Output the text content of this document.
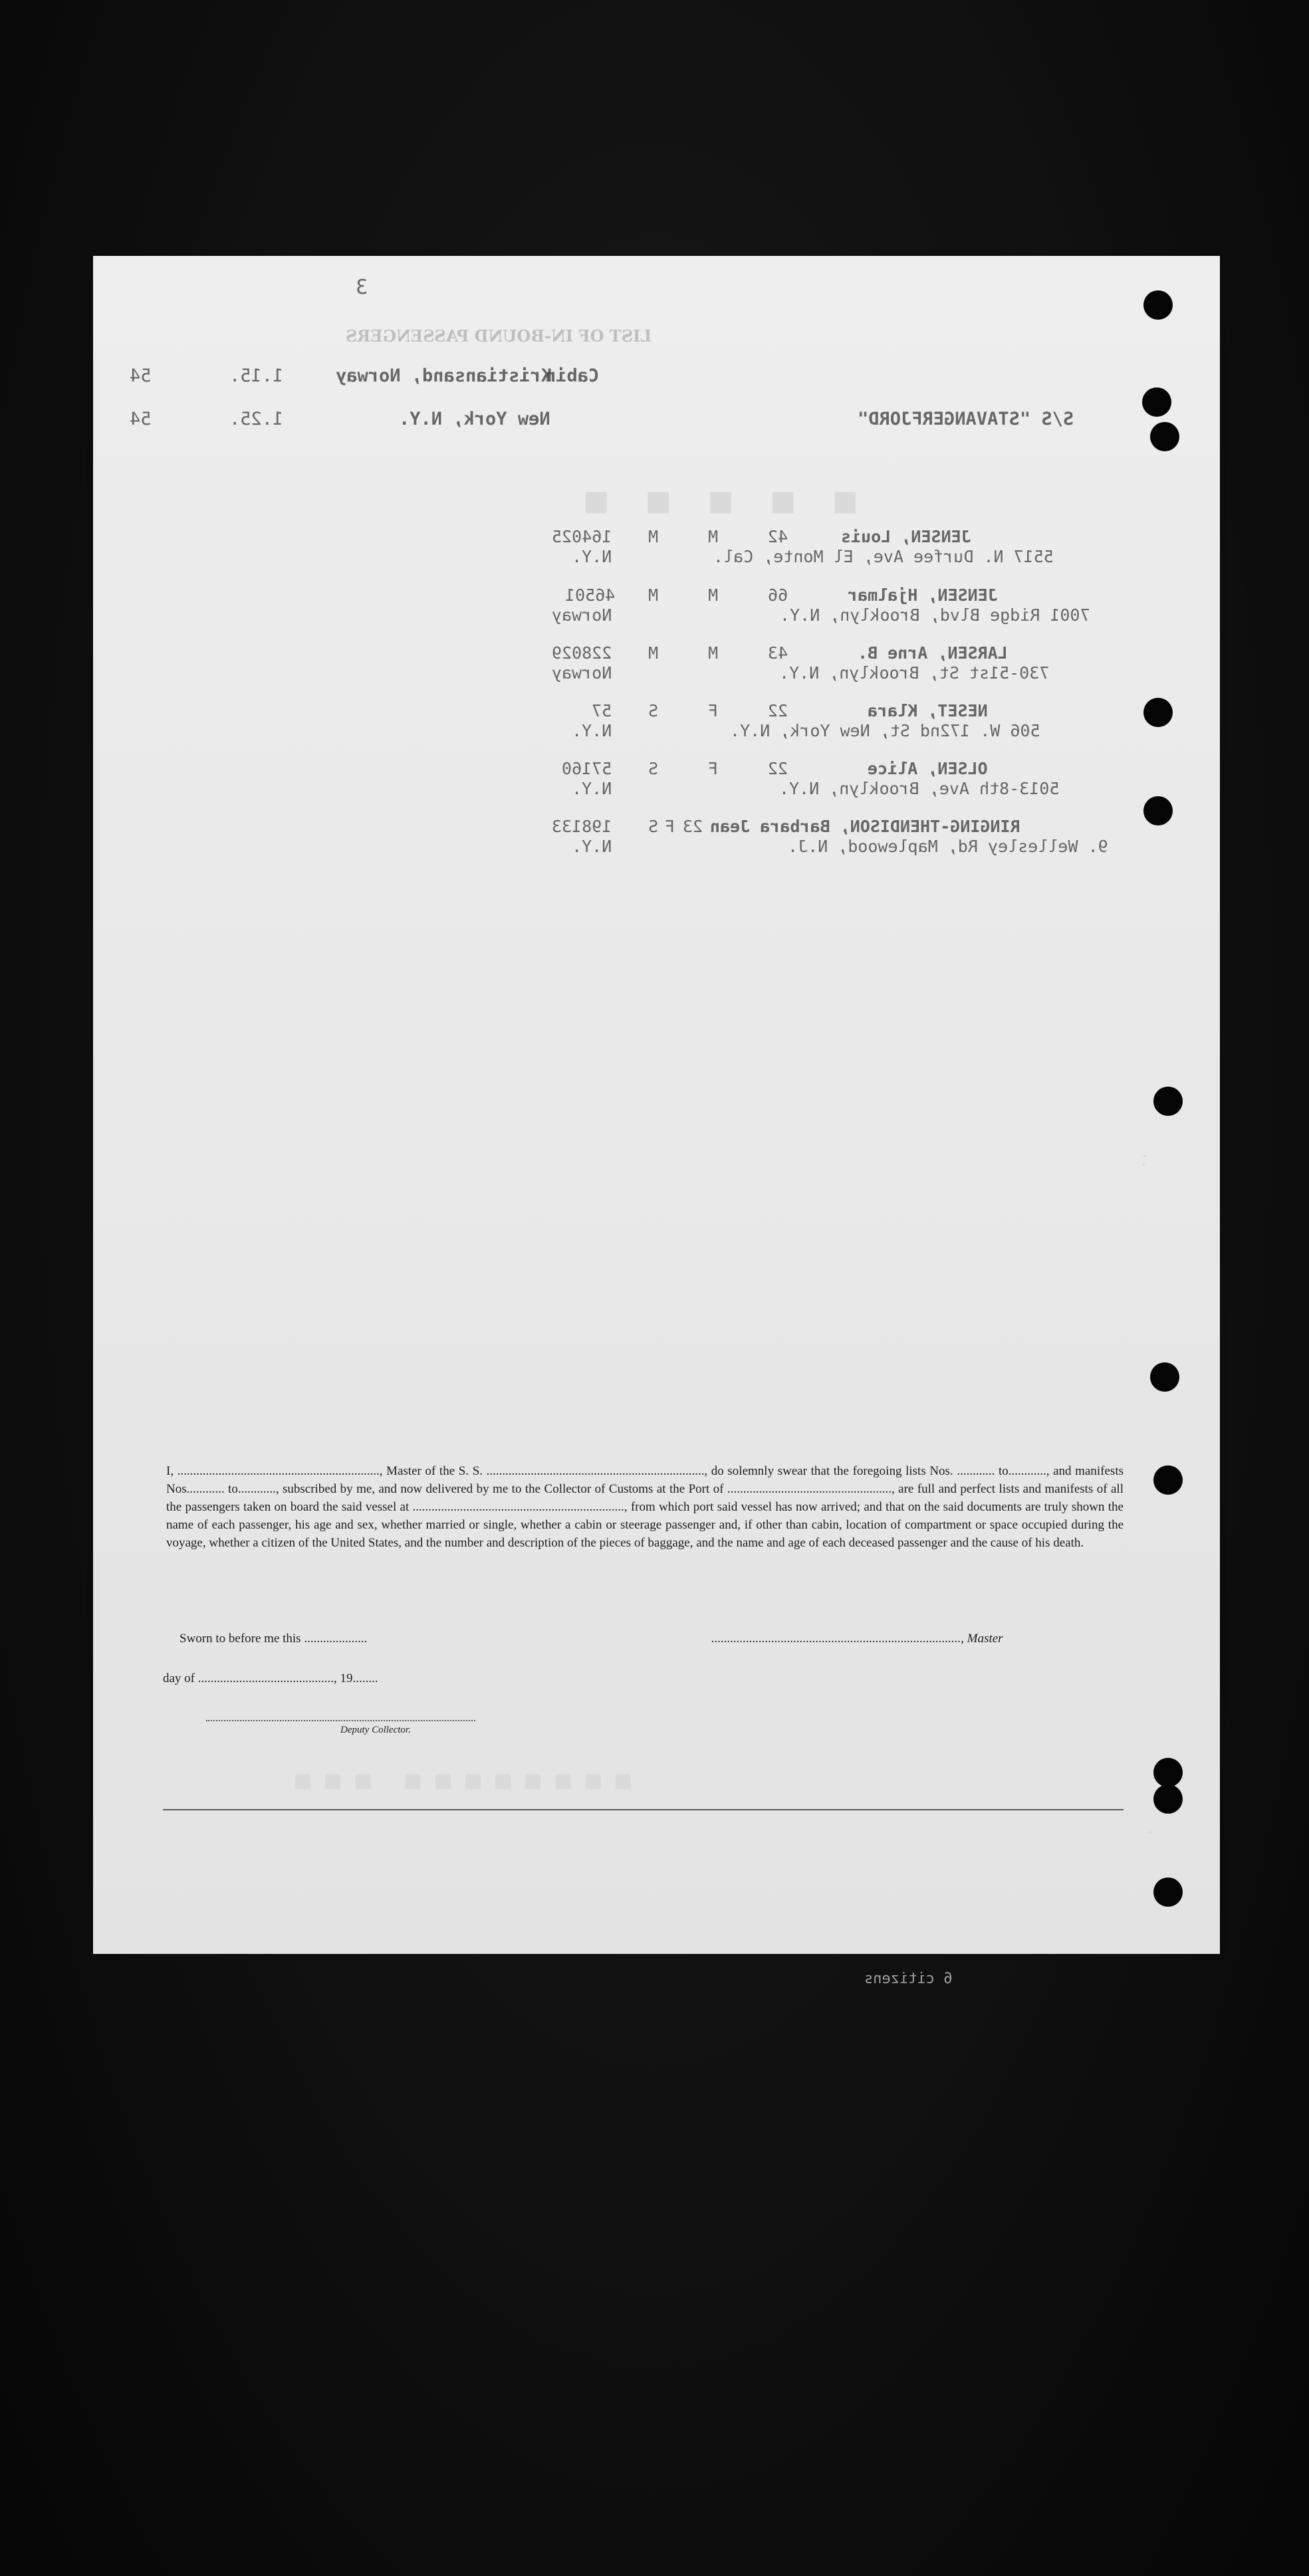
LIST OF IN-BOUND PASSENGERS
▪ ▪ ▪ ▪ ▪
3
Cabin
Kristiansand, Norway
1.15.
54
S/S "STAVANGERFJORD"
New York, N.Y.
1.25.
54
JENSEN, Louis
42
M
M
164025
5517 N. Durfee Ave, El Monte, Cal.
N.Y.
JENSEN, Hjalmar
66
M
M
46501
7001 Ridge Blvd, Brooklyn, N.Y.
Norway
LARSEN, Arne B.
43
M
M
228029
730-51st St, Brooklyn, N.Y.
Norway
NESET, Klara
22
F
S
57
506 W. 172nd St, New York, N.Y.
N.Y.
OLSEN, Alice
22
F
S
57160
5013-8th Ave, Brooklyn, N.Y.
N.Y.
RINGING-THENDISON, Barbara Jean
23
F
S
198133
9. Wellesley Rd, Maplewood, N.J.
N.Y.

I, ................................................................, Master of the S. S. ....................................................................., do solemnly swear that the foregoing lists Nos. ............ to............, and manifests Nos............ to............, subscribed by me, and now delivered by me to the Collector of Customs at the Port of ...................................................., are full and perfect lists and manifests of all the passengers taken on board the said vessel at ..................................................................., from which port said vessel has now arrived; and that on the said documents are truly shown the name of each passenger, his age and sex, whether married or single, whether a cabin or steerage passenger and, if other than cabin, location of compartment or space occupied during the voyage, whether a citizen of the United States, and the number and description of the pieces of baggage, and the name and age of each deceased passenger and the cause of his death.

Sworn to before me this ....................	..............................................................................., Master
day of ..........................................., 19........
Deputy Collector.
▪▪▪ ▪▪▪▪▪▪▪▪
6 citizens
